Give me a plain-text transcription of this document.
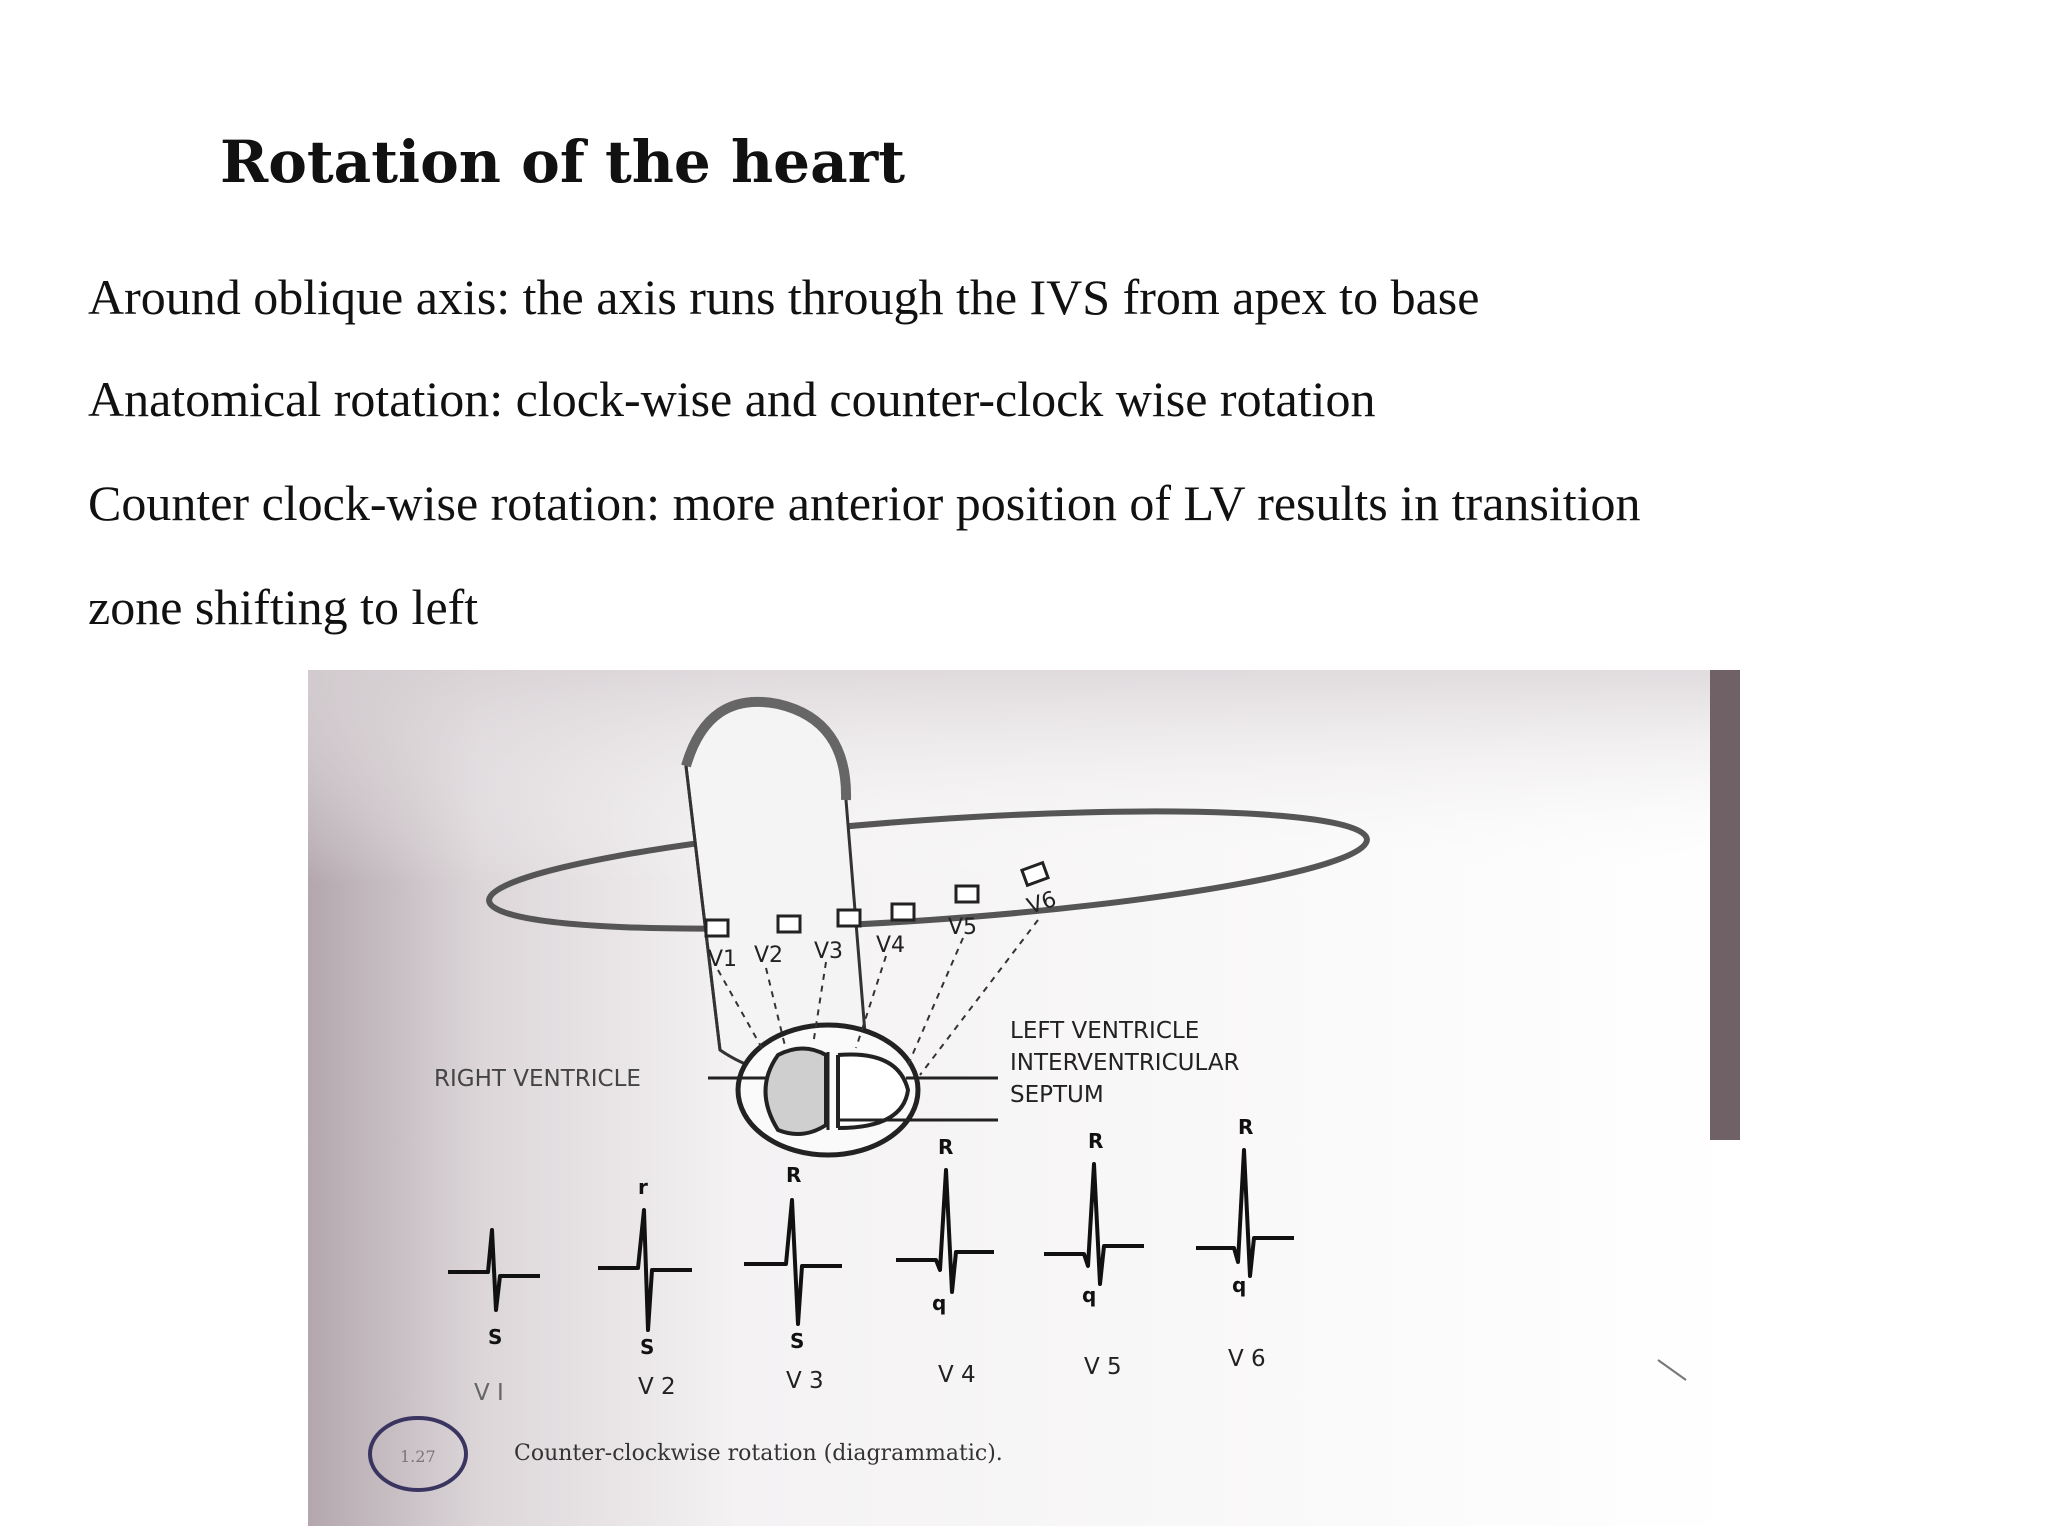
Rotation of the heart

Around oblique axis: the axis runs through the IVS from apex to base

Anatomical rotation: clock-wise and counter-clock wise rotation

Counter clock-wise rotation: more anterior position of LV results in transition

zone shifting to left

V1 V2 V3 V4
V5
V6
RIGHT VENTRICLE
LEFT VENTRICLE
INTERVENTRICULAR
SEPTUM
S
r
S
R
S
R
q
R
q
R
q
V I	V 2	V 3	V 4	V 5	V 6
1.27	Counter-clockwise rotation (diagrammatic).
